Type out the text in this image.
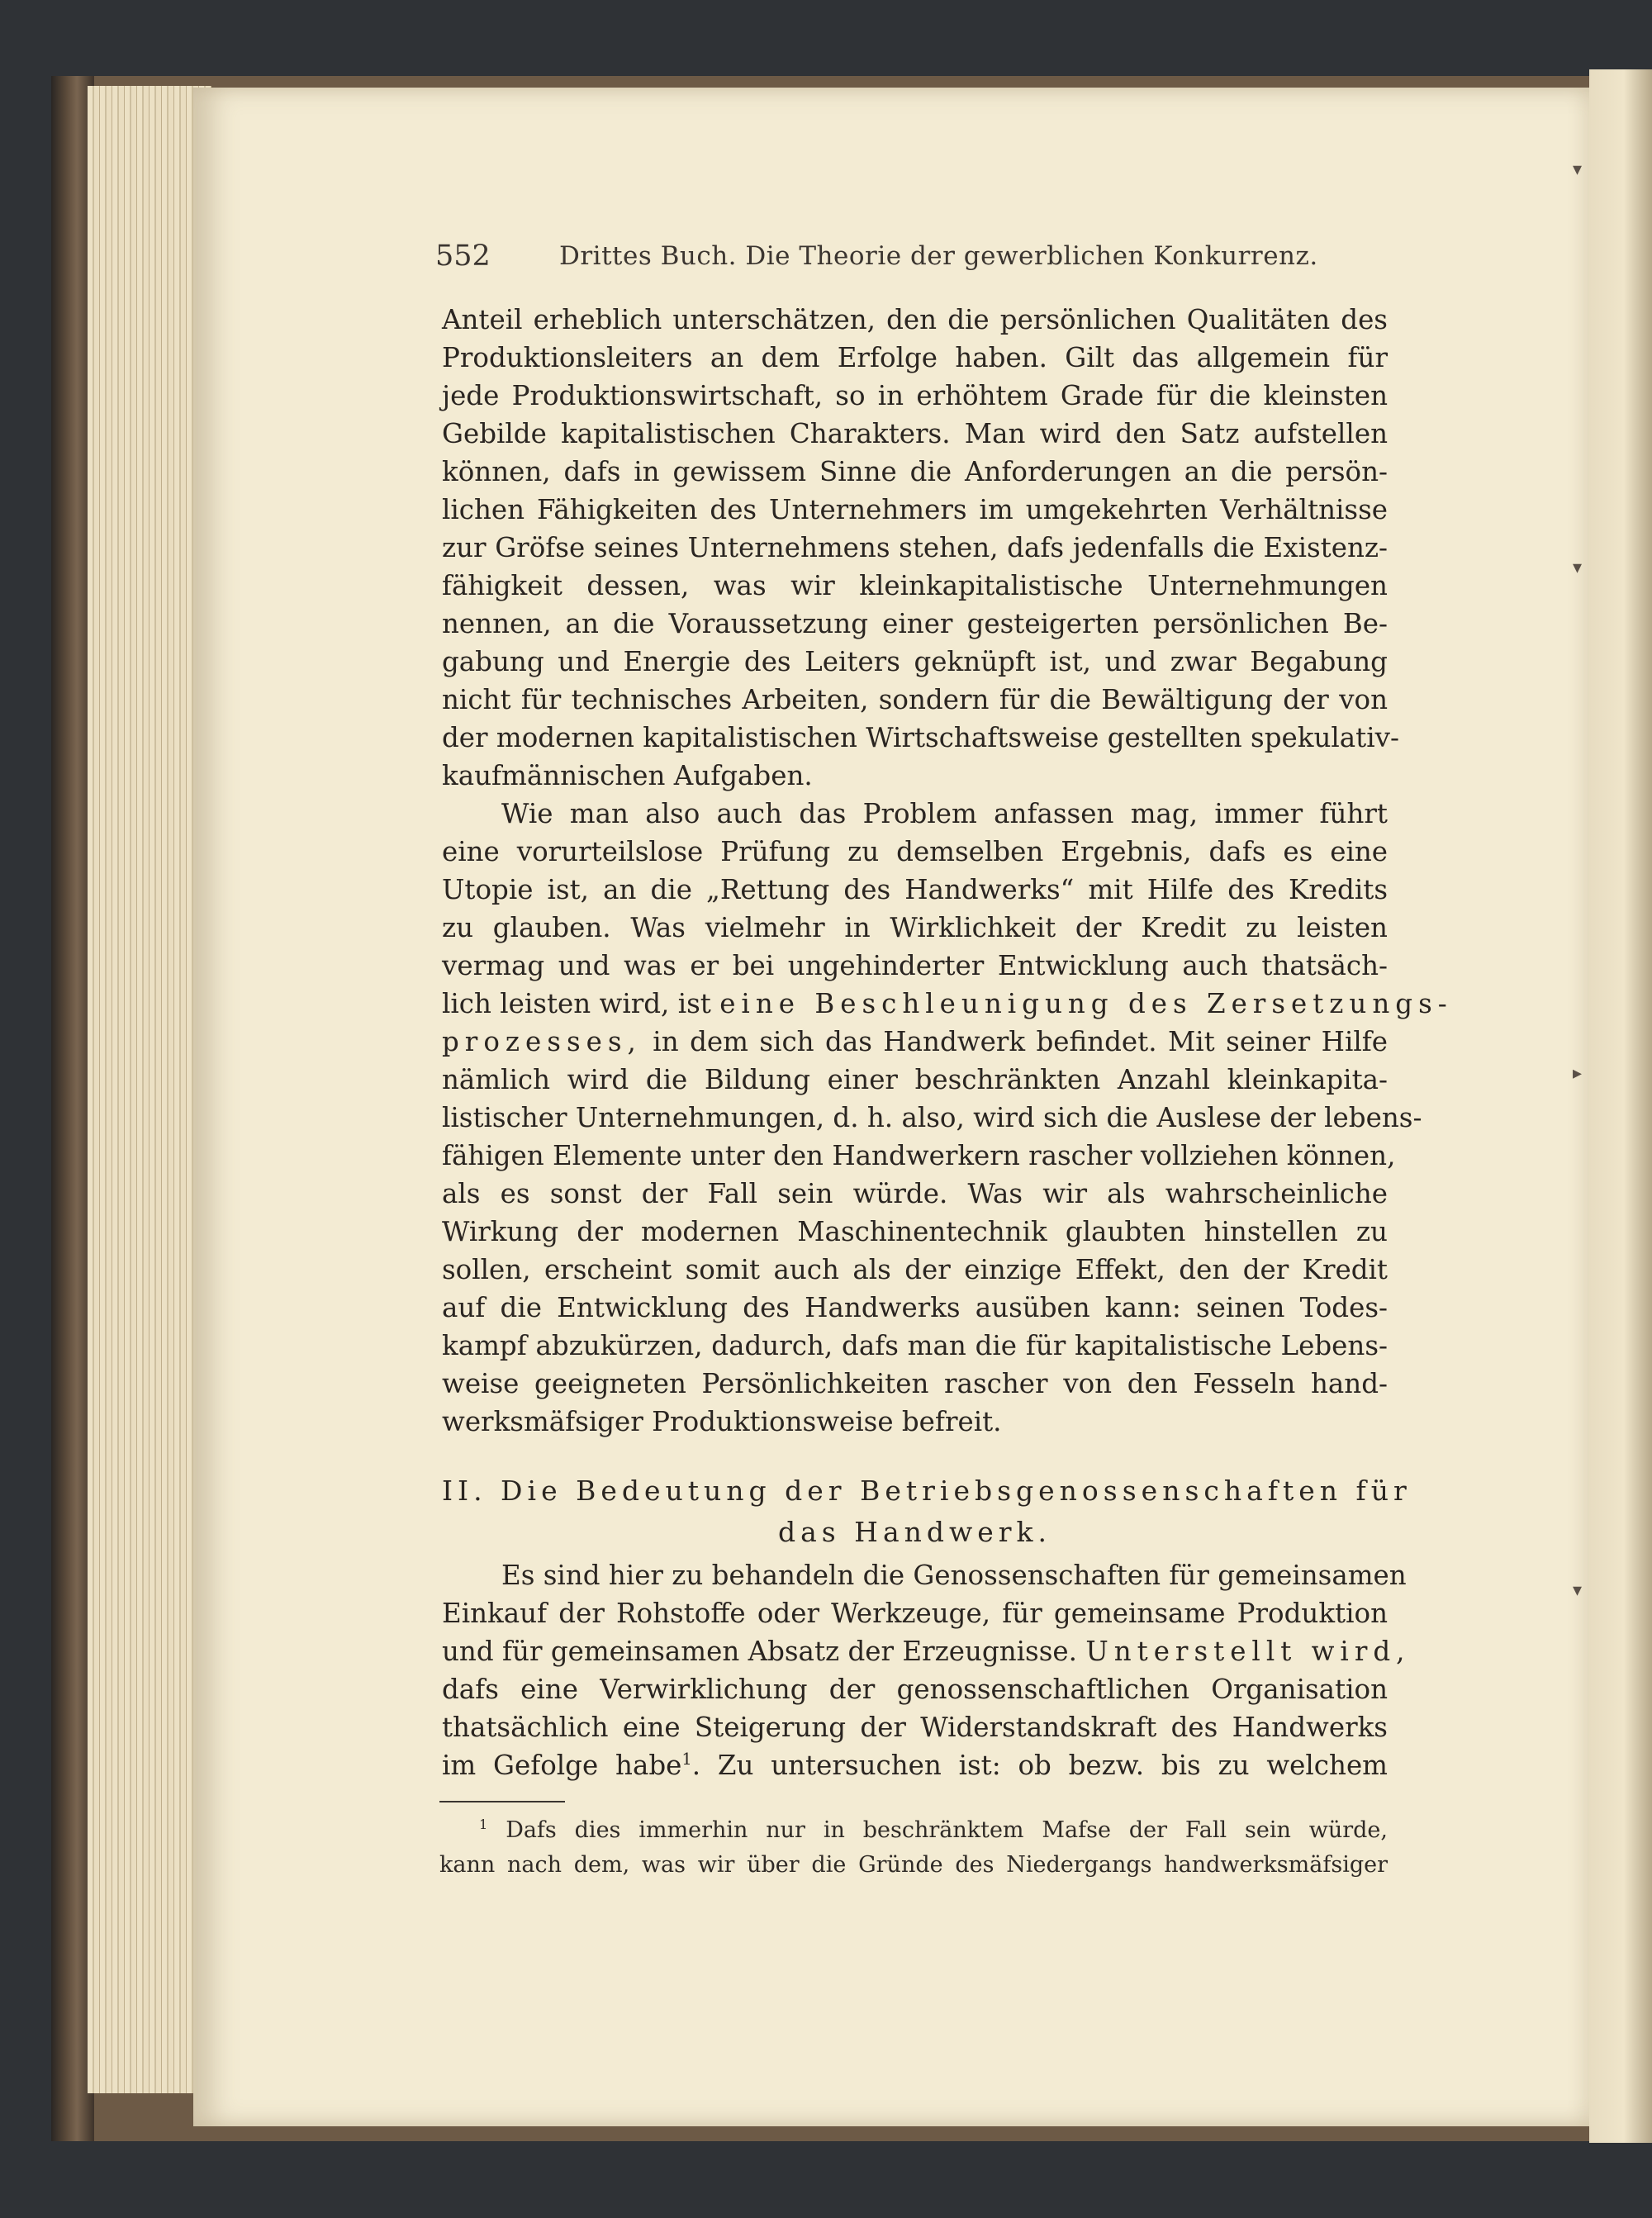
▾
▾
▸
▾
552	Drittes Buch. Die Theorie der gewerblichen Konkurrenz.
Anteil erheblich unterschätzen, den die persönlichen Qualitäten des
Produktionsleiters an dem Erfolge haben. Gilt das allgemein für
jede Produktionswirtschaft, so in erhöhtem Grade für die kleinsten
Gebilde kapitalistischen Charakters. Man wird den Satz aufstellen
können, dafs in gewissem Sinne die Anforderungen an die persön-
lichen Fähigkeiten des Unternehmers im umgekehrten Verhältnisse
zur Gröfse seines Unternehmens stehen, dafs jedenfalls die Existenz-
fähigkeit dessen, was wir kleinkapitalistische Unternehmungen
nennen, an die Voraussetzung einer gesteigerten persönlichen Be-
gabung und Energie des Leiters geknüpft ist, und zwar Begabung
nicht für technisches Arbeiten, sondern für die Bewältigung der von
der modernen kapitalistischen Wirtschaftsweise gestellten spekulativ-
kaufmännischen Aufgaben.
Wie man also auch das Problem anfassen mag, immer führt
eine vorurteilslose Prüfung zu demselben Ergebnis, dafs es eine
Utopie ist, an die „Rettung des Handwerks“ mit Hilfe des Kredits
zu glauben. Was vielmehr in Wirklichkeit der Kredit zu leisten
vermag und was er bei ungehinderter Entwicklung auch thatsäch-
lich leisten wird, ist eine Beschleunigung des Zersetzungs-
prozesses, in dem sich das Handwerk befindet. Mit seiner Hilfe
nämlich wird die Bildung einer beschränkten Anzahl kleinkapita-
listischer Unternehmungen, d. h. also, wird sich die Auslese der lebens-
fähigen Elemente unter den Handwerkern rascher vollziehen können,
als es sonst der Fall sein würde. Was wir als wahrscheinliche
Wirkung der modernen Maschinentechnik glaubten hinstellen zu
sollen, erscheint somit auch als der einzige Effekt, den der Kredit
auf die Entwicklung des Handwerks ausüben kann: seinen Todes-
kampf abzukürzen, dadurch, dafs man die für kapitalistische Lebens-
weise geeigneten Persönlichkeiten rascher von den Fesseln hand-
werksmäfsiger Produktionsweise befreit.
II. Die Bedeutung der Betriebsgenossenschaften für
das Handwerk.
Es sind hier zu behandeln die Genossenschaften für gemeinsamen
Einkauf der Rohstoffe oder Werkzeuge, für gemeinsame Produktion
und für gemeinsamen Absatz der Erzeugnisse. Unterstellt wird,
dafs eine Verwirklichung der genossenschaftlichen Organisation
thatsächlich eine Steigerung der Widerstandskraft des Handwerks
im Gefolge habe$^1$. Zu untersuchen ist: ob bezw. bis zu welchem
$^1$ Dafs dies immerhin nur in beschränktem Mafse der Fall sein würde,
kann nach dem, was wir über die Gründe des Niedergangs handwerksmäfsiger
